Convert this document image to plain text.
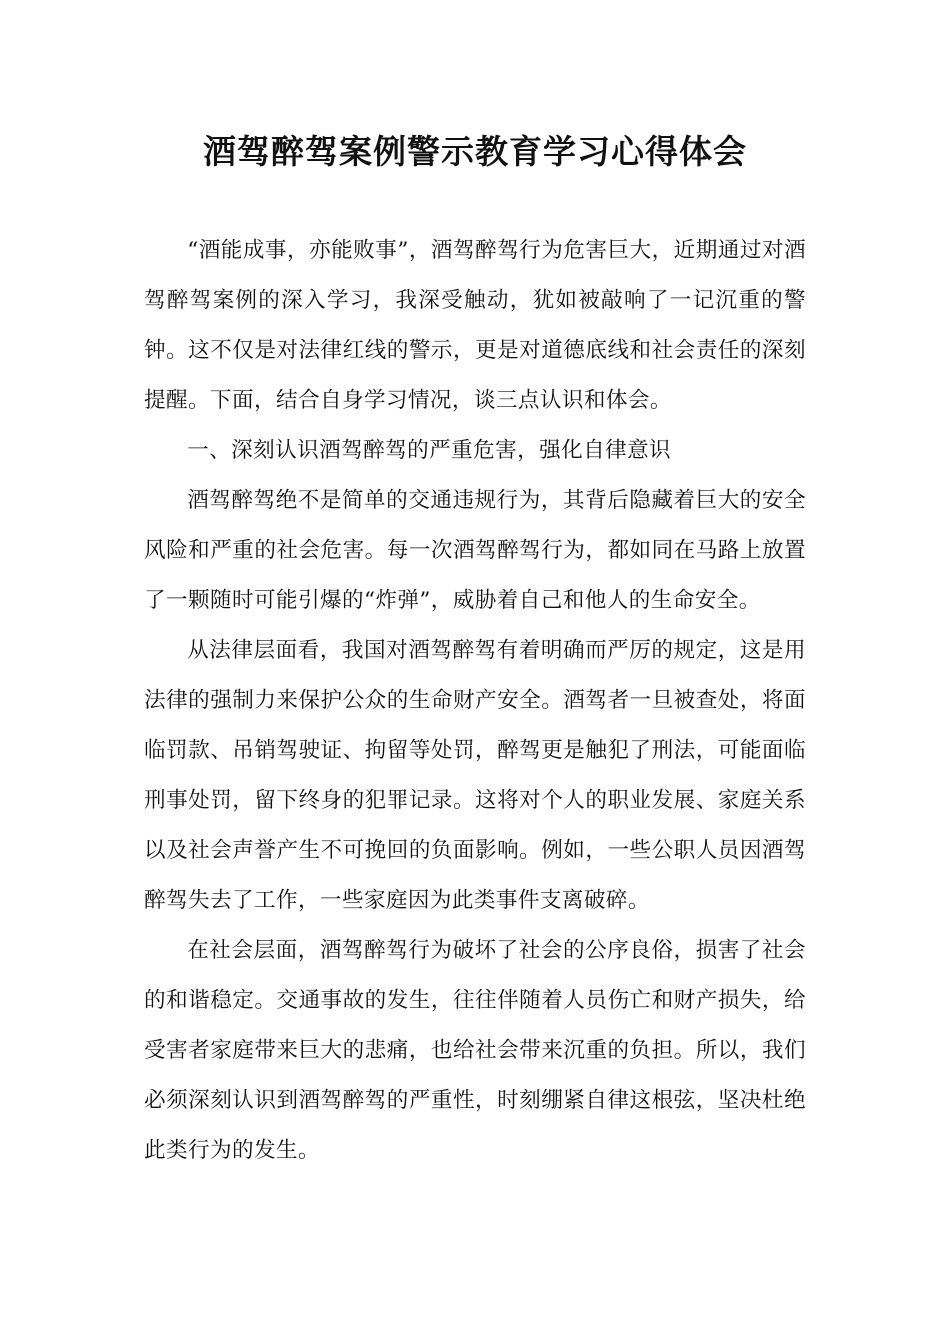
酒驾醉驾案例警示教育学习心得体会

“酒能成事，亦能败事”，酒驾醉驾行为危害巨大，近期通过对酒驾醉驾案例的深入学习，我深受触动，犹如被敲响了一记沉重的警钟。这不仅是对法律红线的警示，更是对道德底线和社会责任的深刻提醒。下面，结合自身学习情况，谈三点认识和体会。

一、深刻认识酒驾醉驾的严重危害，强化自律意识

酒驾醉驾绝不是简单的交通违规行为，其背后隐藏着巨大的安全风险和严重的社会危害。每一次酒驾醉驾行为，都如同在马路上放置了一颗随时可能引爆的“炸弹”，威胁着自己和他人的生命安全。

从法律层面看，我国对酒驾醉驾有着明确而严厉的规定，这是用法律的强制力来保护公众的生命财产安全。酒驾者一旦被查处，将面临罚款、吊销驾驶证、拘留等处罚，醉驾更是触犯了刑法，可能面临刑事处罚，留下终身的犯罪记录。这将对个人的职业发展、家庭关系以及社会声誉产生不可挽回的负面影响。例如，一些公职人员因酒驾醉驾失去了工作，一些家庭因为此类事件支离破碎。

在社会层面，酒驾醉驾行为破坏了社会的公序良俗，损害了社会的和谐稳定。交通事故的发生，往往伴随着人员伤亡和财产损失，给受害者家庭带来巨大的悲痛，也给社会带来沉重的负担。所以，我们必须深刻认识到酒驾醉驾的严重性，时刻绷紧自律这根弦，坚决杜绝此类行为的发生。
